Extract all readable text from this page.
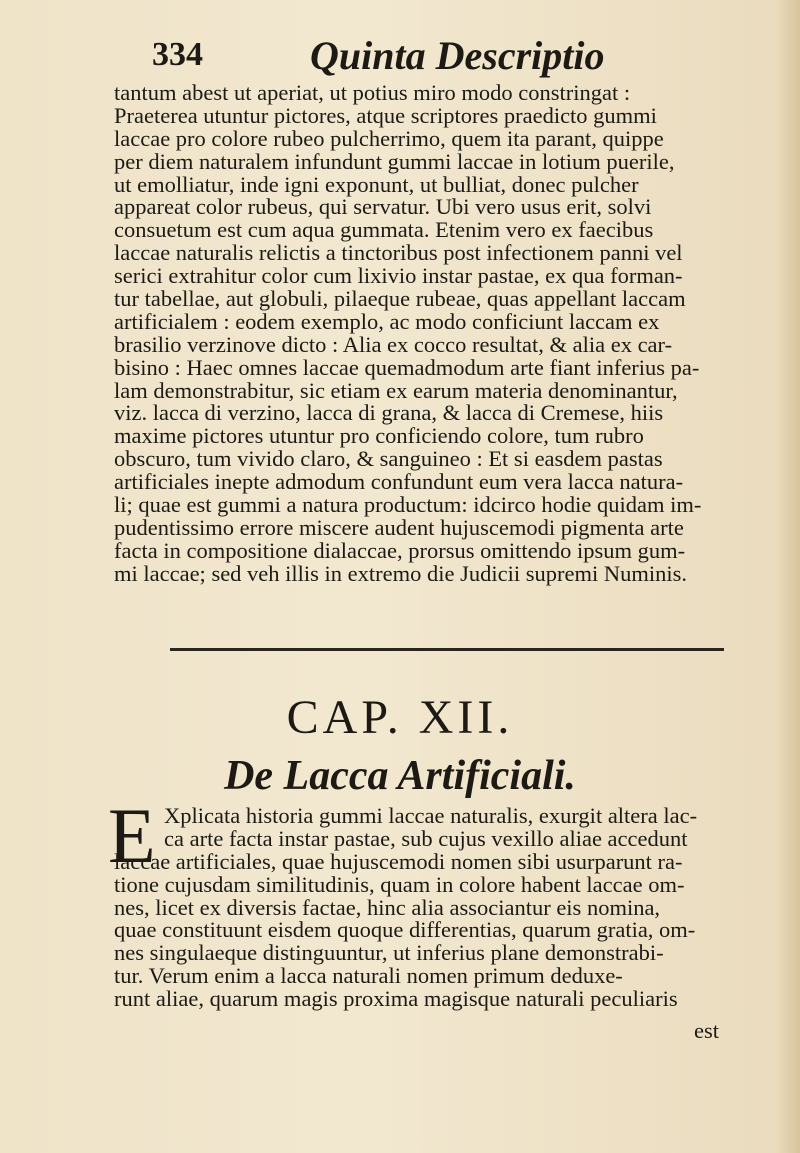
334	Quinta Descriptio
tantum abest ut aperiat, ut potius miro modo constringat :
Praeterea utuntur pictores, atque scriptores praedicto gummi
laccae pro colore rubeo pulcherrimo, quem ita parant, quippe
per diem naturalem infundunt gummi laccae in lotium puerile,
ut emolliatur, inde igni exponunt, ut bulliat, donec pulcher
appareat color rubeus, qui servatur. Ubi vero usus erit, solvi
consuetum est cum aqua gummata. Etenim vero ex faecibus
laccae naturalis relictis a tinctoribus post infectionem panni vel
serici extrahitur color cum lixivio instar pastae, ex qua forman-
tur tabellae, aut globuli, pilaeque rubeae, quas appellant laccam
artificialem : eodem exemplo, ac modo conficiunt laccam ex
brasilio verzinove dicto : Alia ex cocco resultat, & alia ex car-
bisino : Haec omnes laccae quemadmodum arte fiant inferius pa-
lam demonstrabitur, sic etiam ex earum materia denominantur,
viz. lacca di verzino, lacca di grana, & lacca di Cremese, hiis
maxime pictores utuntur pro conficiendo colore, tum rubro
obscuro, tum vivido claro, & sanguineo : Et si easdem pastas
artificiales inepte admodum confundunt eum vera lacca natura-
li; quae est gummi a natura productum: idcirco hodie quidam im-
pudentissimo errore miscere audent hujuscemodi pigmenta arte
facta in compositione dialaccae, prorsus omittendo ipsum gum-
mi laccae; sed veh illis in extremo die Judicii supremi Numinis.
CAP. XII.
De Lacca Artificiali.
E Xplicata historia gummi laccae naturalis, exurgit altera lac-
ca arte facta instar pastae, sub cujus vexillo aliae accedunt
laccae artificiales, quae hujuscemodi nomen sibi usurparunt ra-
tione cujusdam similitudinis, quam in colore habent laccae om-
nes, licet ex diversis factae, hinc alia associantur eis nomina,
quae constituunt eisdem quoque differentias, quarum gratia, om-
nes singulaeque distinguuntur, ut inferius plane demonstrabi-
tur. Verum enim a lacca naturali nomen primum deduxe-
runt aliae, quarum magis proxima magisque naturali peculiaris
est
